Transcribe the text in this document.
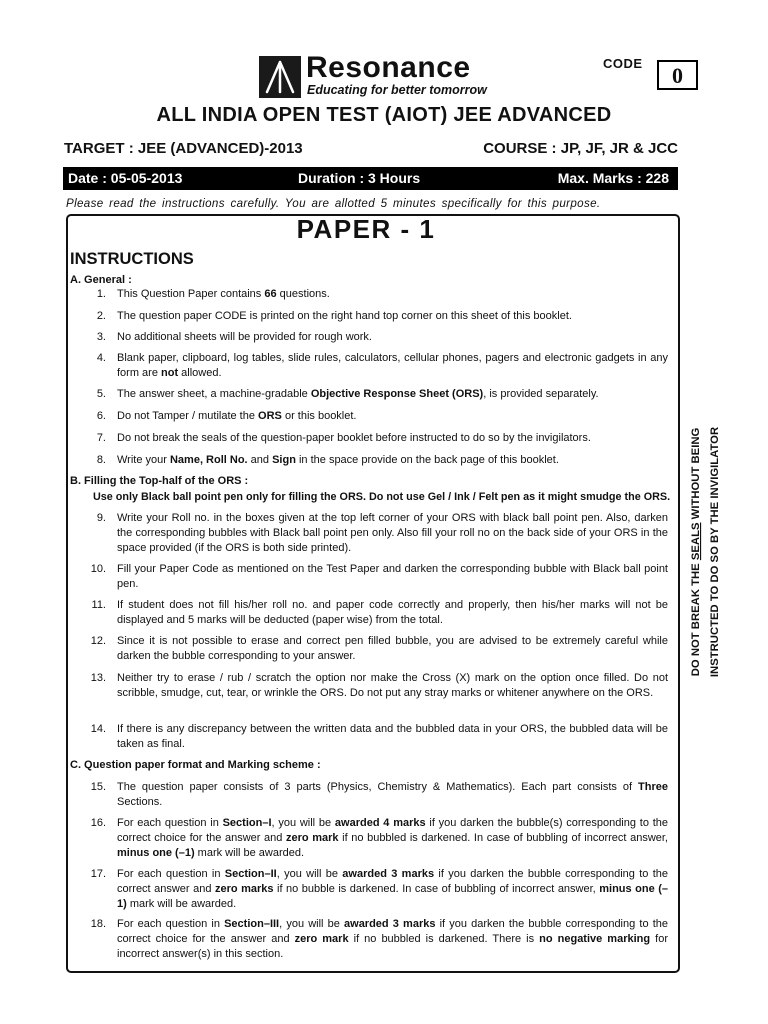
Resonance
Educating for better tomorrow
CODE	0
ALL INDIA OPEN TEST (AIOT) JEE ADVANCED
TARGET : JEE (ADVANCED)-2013	COURSE : JP, JF, JR & JCC
Date : 05-05-2013	Duration : 3 Hours	Max. Marks : 228
Please read the instructions carefully. You are allotted 5 minutes specifically for this purpose.
PAPER - 1
INSTRUCTIONS
A. General :
B. Filling the Top-half of the ORS :
Use only Black ball point pen only for filling the ORS. Do not use Gel / Ink / Felt pen as it might smudge the ORS.
C. Question paper format and Marking scheme :
1. This Question Paper contains 66 questions.
2. The question paper CODE is printed on the right hand top corner on this sheet of this booklet.
3. No additional sheets will be provided for rough work.
4. Blank paper, clipboard, log tables, slide rules, calculators, cellular phones, pagers and electronic gadgets in any form are not allowed.
5. The answer sheet, a machine-gradable Objective Response Sheet (ORS), is provided separately.
6. Do not Tamper / mutilate the ORS or this booklet.
7. Do not break the seals of the question-paper booklet before instructed to do so by the invigilators.
8. Write your Name, Roll No. and Sign in the space provide on the back page of this booklet.
9. Write your Roll no. in the boxes given at the top left corner of your ORS with black ball point pen. Also, darken the corresponding bubbles with Black ball point pen only. Also fill your roll no on the back side of your ORS in the space provided (if the ORS is both side printed).
10. Fill your Paper Code as mentioned on the Test Paper and darken the corresponding bubble with Black ball point pen.
11. If student does not fill his/her roll no. and paper code correctly and properly, then his/her marks will not be displayed and 5 marks will be deducted (paper wise) from the total.
12. Since it is not possible to erase and correct pen filled bubble, you are advised to be extremely careful while darken the bubble corresponding to your answer.
13. Neither try to erase / rub / scratch the option nor make the Cross (X) mark on the option once filled. Do not scribble, smudge, cut, tear, or wrinkle the ORS. Do not put any stray marks or whitener anywhere on the ORS.
14. If there is any discrepancy between the written data and the bubbled data in your ORS, the bubbled data will be taken as final.
15. The question paper consists of 3 parts (Physics, Chemistry & Mathematics). Each part consists of Three Sections.
16. For each question in Section–I, you will be awarded 4 marks if you darken the bubble(s) corresponding to the correct choice for the answer and zero mark if no bubbled is darkened. In case of bubbling of incorrect answer, minus one (–1) mark will be awarded.
17. For each question in Section–II, you will be awarded 3 marks if you darken the bubble corresponding to the correct answer and zero marks if no bubble is darkened. In case of bubbling of incorrect answer, minus one (–1) mark will be awarded.
18. For each question in Section–III, you will be awarded 3 marks if you darken the bubble corresponding to the correct choice for the answer and zero mark if no bubbled is darkened. There is no negative marking for incorrect answer(s) in this section.
DO NOT BREAK THE SEALS WITHOUT BEING INSTRUCTED TO DO SO BY THE INVIGILATOR
